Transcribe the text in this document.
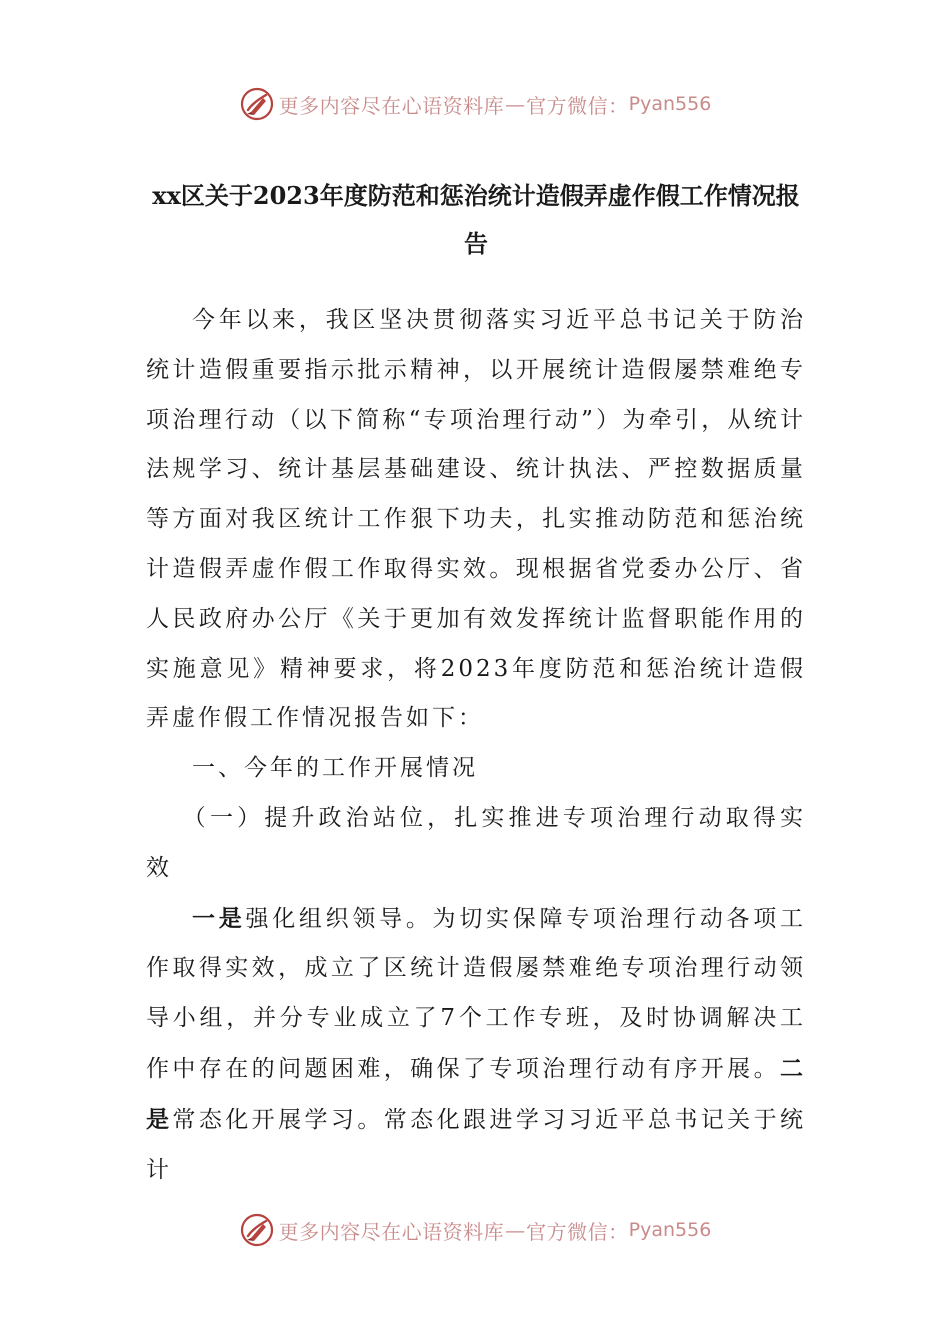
更多内容尽在心语资料库 — 官方微信： Pyan556
xx区关于2023年度防范和惩治统计造假弄虚作假工作情况报告

今年以来，我区坚决贯彻落实习近平总书记关于防治统计造假重要指示批示精神，以开展统计造假屡禁难绝专项治理行动（以下简称“专项治理行动”）为牵引，从统计法规学习、统计基层基础建设、统计执法、严控数据质量等方面对我区统计工作狠下功夫，扎实推动防范和惩治统计造假弄虚作假工作取得实效。现根据省党委办公厅、省人民政府办公厅《关于更加有效发挥统计监督职能作用的实施意见》精神要求，将2023年度防范和惩治统计造假弄虚作假工作情况报告如下：

一、今年的工作开展情况

（一）提升政治站位，扎实推进专项治理行动取得实效

一是强化组织领导。为切实保障专项治理行动各项工作取得实效，成立了区统计造假屡禁难绝专项治理行动领导小组，并分专业成立了7个工作专班，及时协调解决工作中存在的问题困难，确保了专项治理行动有序开展。二是常态化开展学习。常态化跟进学习习近平总书记关于统计

更多内容尽在心语资料库 — 官方微信： Pyan556
